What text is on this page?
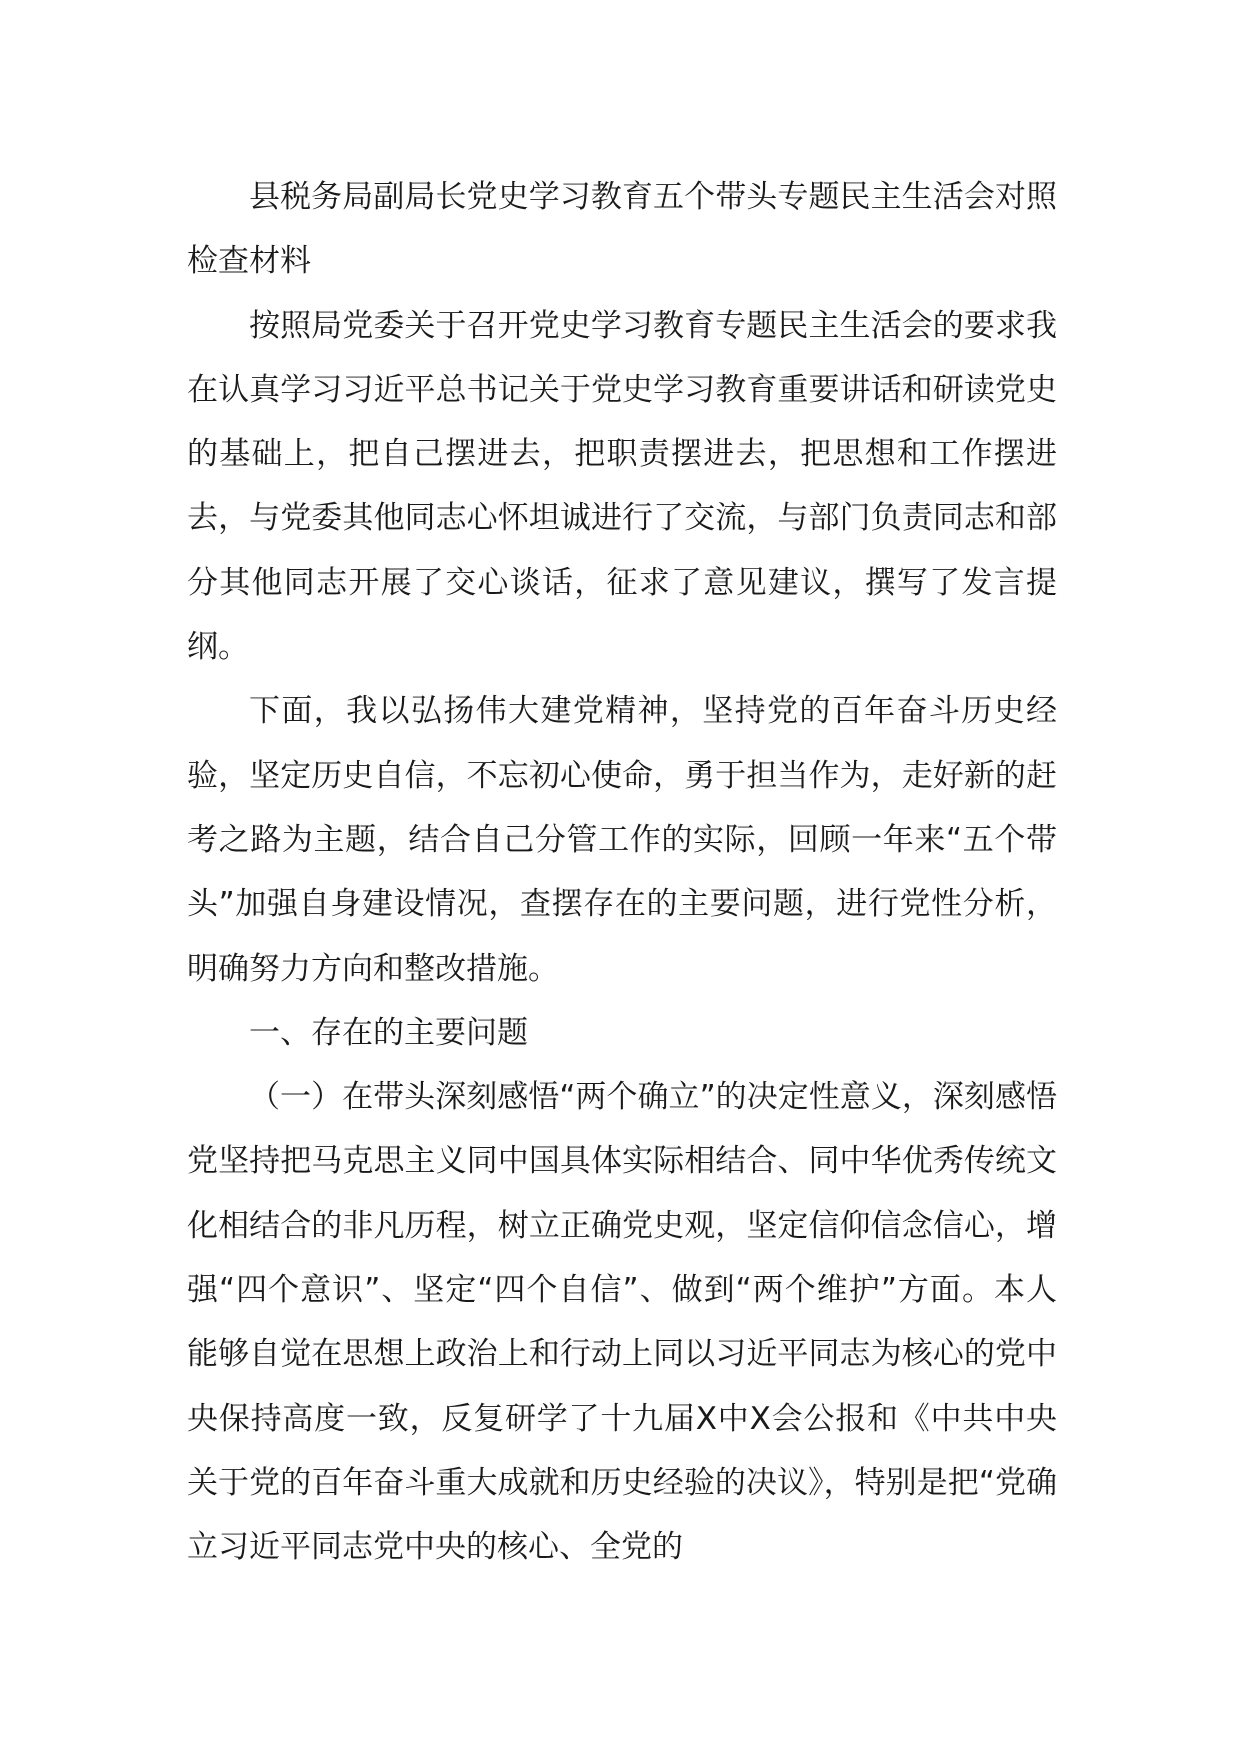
县税务局副局长党史学习教育五个带头专题民主生活会对照检查材料

按照局党委关于召开党史学习教育专题民主生活会的要求我在认真学习习近平总书记关于党史学习教育重要讲话和研读党史的基础上，把自己摆进去，把职责摆进去，把思想和工作摆进去，与党委其他同志心怀坦诚进行了交流，与部门负责同志和部分其他同志开展了交心谈话，征求了意见建议，撰写了发言提纲。

下面，我以弘扬伟大建党精神，坚持党的百年奋斗历史经验，坚定历史自信，不忘初心使命，勇于担当作为，走好新的赶考之路为主题，结合自己分管工作的实际，回顾一年来“五个带头”加强自身建设情况，查摆存在的主要问题，进行党性分析，明确努力方向和整改措施。

一、存在的主要问题

（一）在带头深刻感悟“两个确立”的决定性意义，深刻感悟党坚持把马克思主义同中国具体实际相结合、同中华优秀传统文化相结合的非凡历程，树立正确党史观，坚定信仰信念信心，增强“四个意识”、坚定“四个自信”、做到“两个维护”方面。本人能够自觉在思想上政治上和行动上同以习近平同志为核心的党中央保持高度一致，反复研学了十九届X中X会公报和《中共中央关于党的百年奋斗重大成就和历史经验的决议》，特别是把“党确立习近平同志党中央的核心、全党的
